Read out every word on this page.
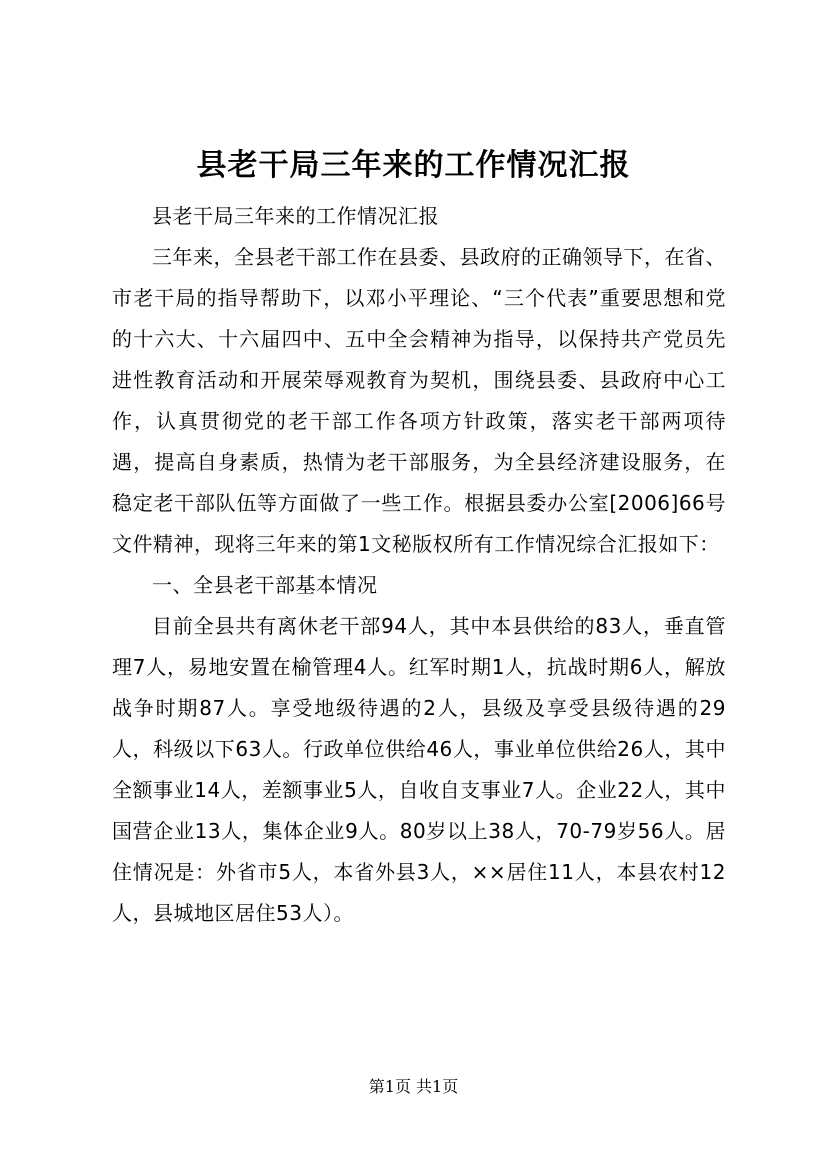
县老干局三年来的工作情况汇报

县老干局三年来的工作情况汇报

三年来，全县老干部工作在县委、县政府的正确领导下，在省、市老干局的指导帮助下，以邓小平理论、“三个代表”重要思想和党的十六大、十六届四中、五中全会精神为指导，以保持共产党员先进性教育活动和开展荣辱观教育为契机，围绕县委、县政府中心工作，认真贯彻党的老干部工作各项方针政策，落实老干部两项待遇，提高自身素质，热情为老干部服务，为全县经济建设服务，在稳定老干部队伍等方面做了一些工作。根据县委办公室[2006]66号文件精神，现将三年来的第1文秘版权所有工作情况综合汇报如下：

一、全县老干部基本情况

目前全县共有离休老干部94人，其中本县供给的83人，垂直管理7人，易地安置在榆管理4人。红军时期1人，抗战时期6人，解放战争时期87人。享受地级待遇的2人，县级及享受县级待遇的29人，科级以下63人。行政单位供给46人，事业单位供给26人，其中全额事业14人，差额事业5人，自收自支事业7人。企业22人，其中国营企业13人，集体企业9人。80岁以上38人，70-79岁56人。居住情况是：外省市5人，本省外县3人，××居住11人，本县农村12人，县城地区居住53人）。

第1页 共1页
